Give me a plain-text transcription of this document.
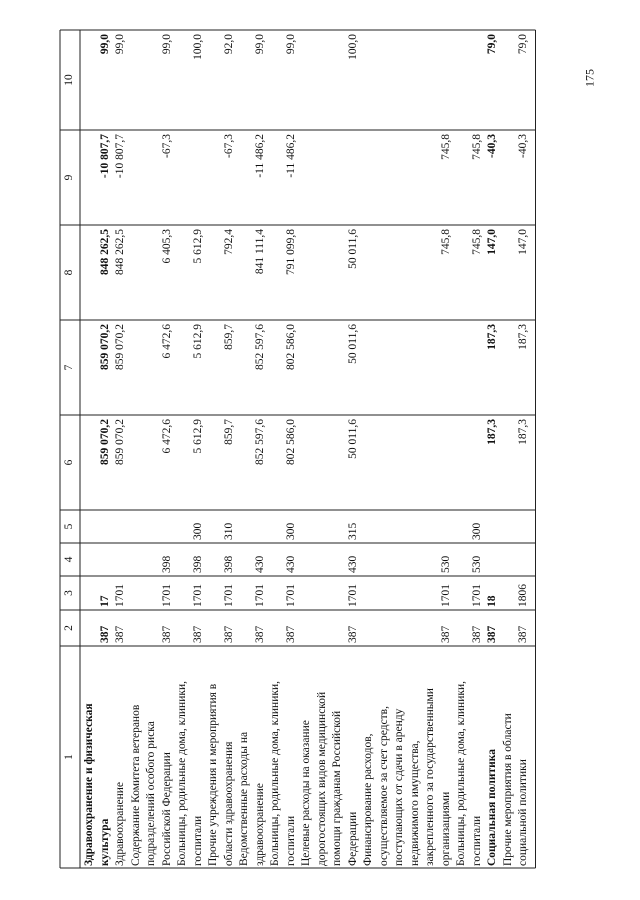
175
1
2
3
4
5
6
7
8
9
10
Здравоохранение и физическая культура
387
17
859 070,2
859 070,2
848 262,5
-10 807,7
99,0
Здравоохранение
387
1701
859 070,2
859 070,2
848 262,5
-10 807,7
99,0
Содержание Комитета ветеранов подразделений особого риска Российской Федерации
387
1701
398
6 472,6
6 472,6
6 405,3
-67,3
99,0
Больницы, родильные дома, клиники, госпитали
387
1701
398
300
5 612,9
5 612,9
5 612,9
100,0
Прочие учреждения и мероприятия в области здравоохранения
387
1701
398
310
859,7
859,7
792,4
-67,3
92,0
Ведомственные расходы на здравоохранение
387
1701
430
852 597,6
852 597,6
841 111,4
-11 486,2
99,0
Больницы, родильные дома, клиники, госпитали
387
1701
430
300
802 586,0
802 586,0
791 099,8
-11 486,2
99,0
Целевые расходы на оказание дорогостоящих видов медицинской помощи гражданам Российской Федерации
387
1701
430
315
50 011,6
50 011,6
50 011,6
100,0
Финансирование расходов, осуществляемое за счет средств, поступающих от сдачи в аренду недвижимого имущества, закрепленного за государственными организациями
387
1701
530
745,8
745,8
Больницы, родильные дома, клиники, госпитали
387
1701
530
300
745,8
745,8
Социальная политика
387
18
187,3
187,3
147,0
-40,3
79,0
Прочие мероприятия в области социальной политики
387
1806
187,3
187,3
147,0
-40,3
79,0
